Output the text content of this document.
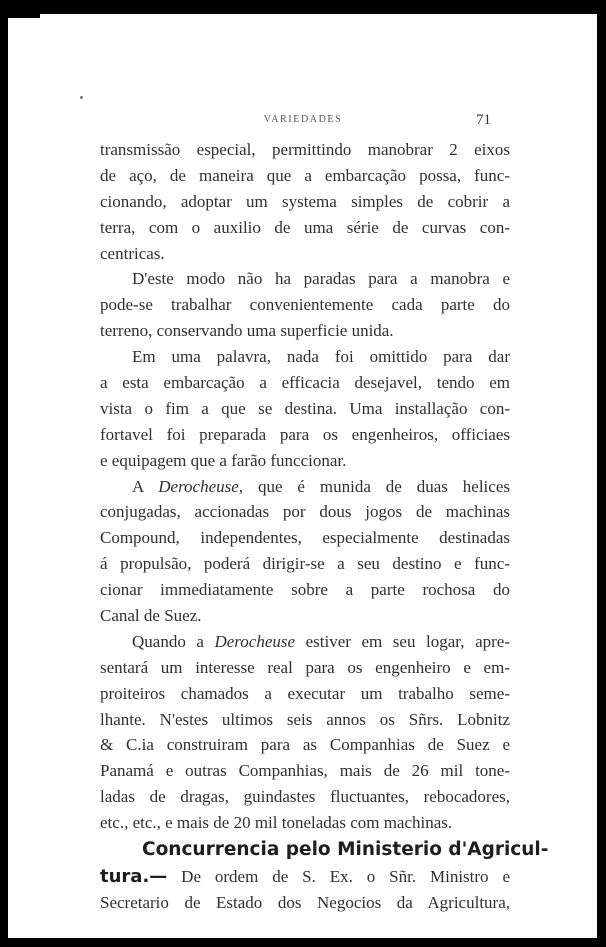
VARIEDADES	71
transmissão especial, permittindo manobrar 2 eixos
de aço, de maneira que a embarcação possa, func-
cionando, adoptar um systema simples de cobrir a
terra, com o auxilio de uma série de curvas con-
centricas.
D'este modo não ha paradas para a manobra e
pode-se trabalhar convenientemente cada parte do
terreno, conservando uma superficie unida.
Em uma palavra, nada foi omittido para dar
a esta embarcação a efficacia desejavel, tendo em
vista o fim a que se destina. Uma installação con-
fortavel foi preparada para os engenheiros, officiaes
e equipagem que a farão funccionar.
A Derocheuse, que é munida de duas helices
conjugadas, accionadas por dous jogos de machinas
Compound, independentes, especialmente destinadas
á propulsão, poderá dirigir-se a seu destino e func-
cionar immediatamente sobre a parte rochosa do
Canal de Suez.
Quando a Derocheuse estiver em seu logar, apre-
sentará um interesse real para os engenheiro e em-
proiteiros chamados a executar um trabalho seme-
lhante. N'estes ultimos seis annos os Sñrs. Lobnitz
& C.ia construiram para as Companhias de Suez e
Panamá e outras Companhias, mais de 26 mil tone-
ladas de dragas, guindastes fluctuantes, rebocadores,
etc., etc., e mais de 20 mil toneladas com machinas.
Concurrencia pelo Ministerio d'Agricul-
tura.— De ordem de S. Ex. o Sñr. Ministro e
Secretario de Estado dos Negocios da Agricultura,
